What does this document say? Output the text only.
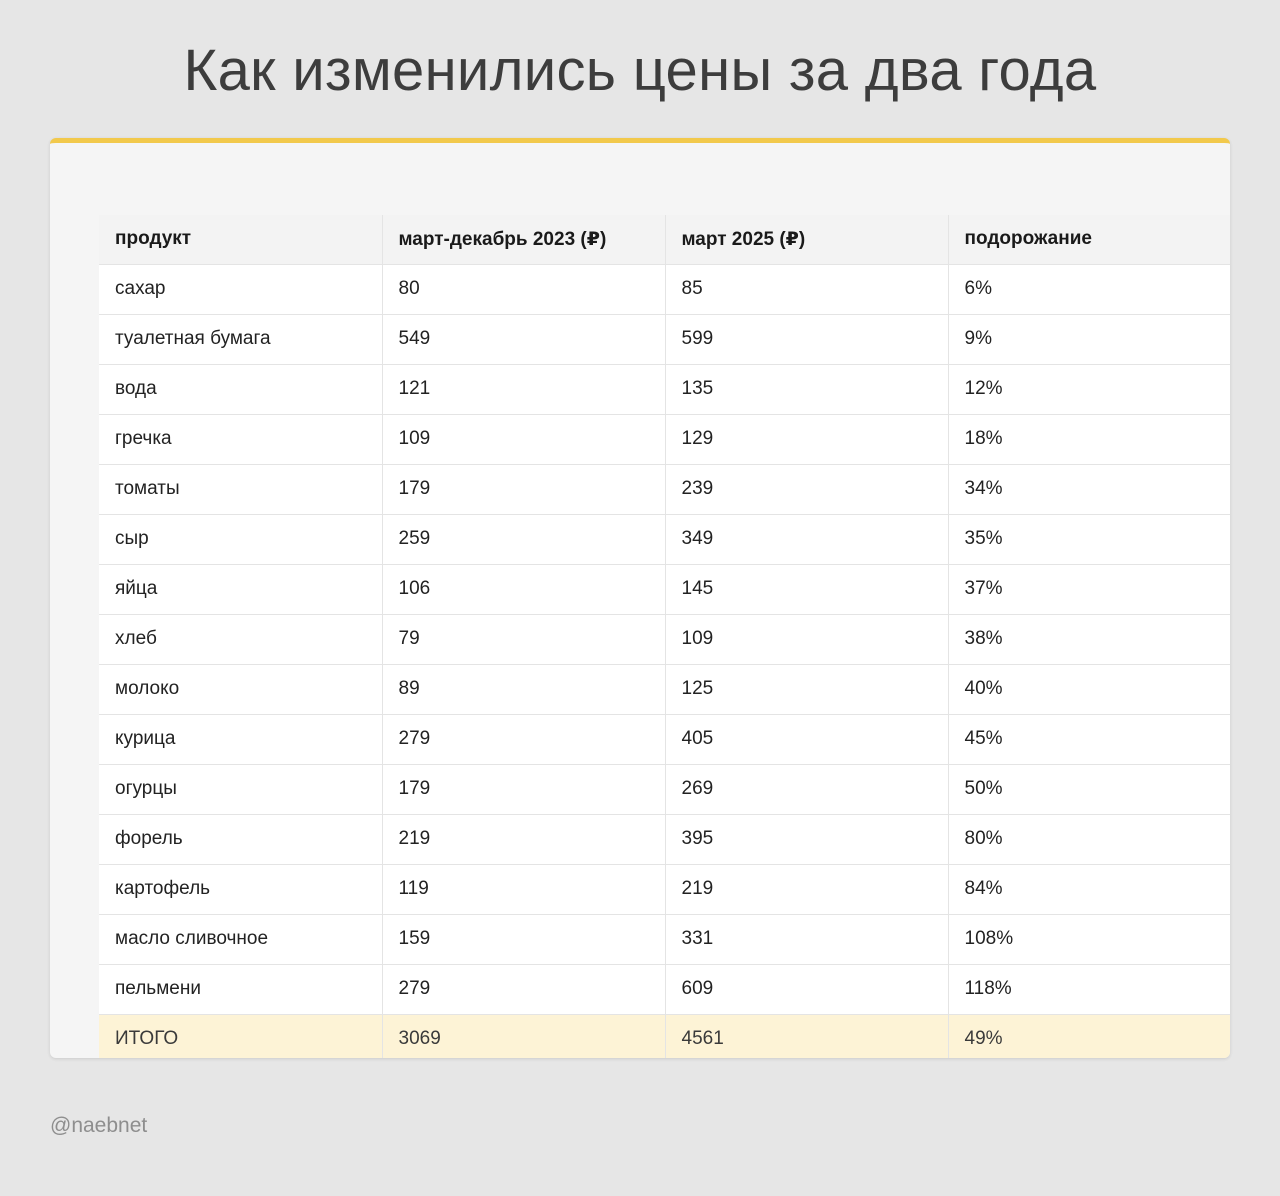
Как изменились цены за два года
продукт	март-декабрь 2023 (₽)	март 2025 (₽)	подорожание
сахар	80	85	6%
туалетная бумага	549	599	9%
вода	121	135	12%
гречка	109	129	18%
томаты	179	239	34%
сыр	259	349	35%
яйца	106	145	37%
хлеб	79	109	38%
молоко	89	125	40%
курица	279	405	45%
огурцы	179	269	50%
форель	219	395	80%
картофель	119	219	84%
масло сливочное	159	331	108%
пельмени	279	609	118%
ИТОГО	3069	4561	49%
@naebnet
